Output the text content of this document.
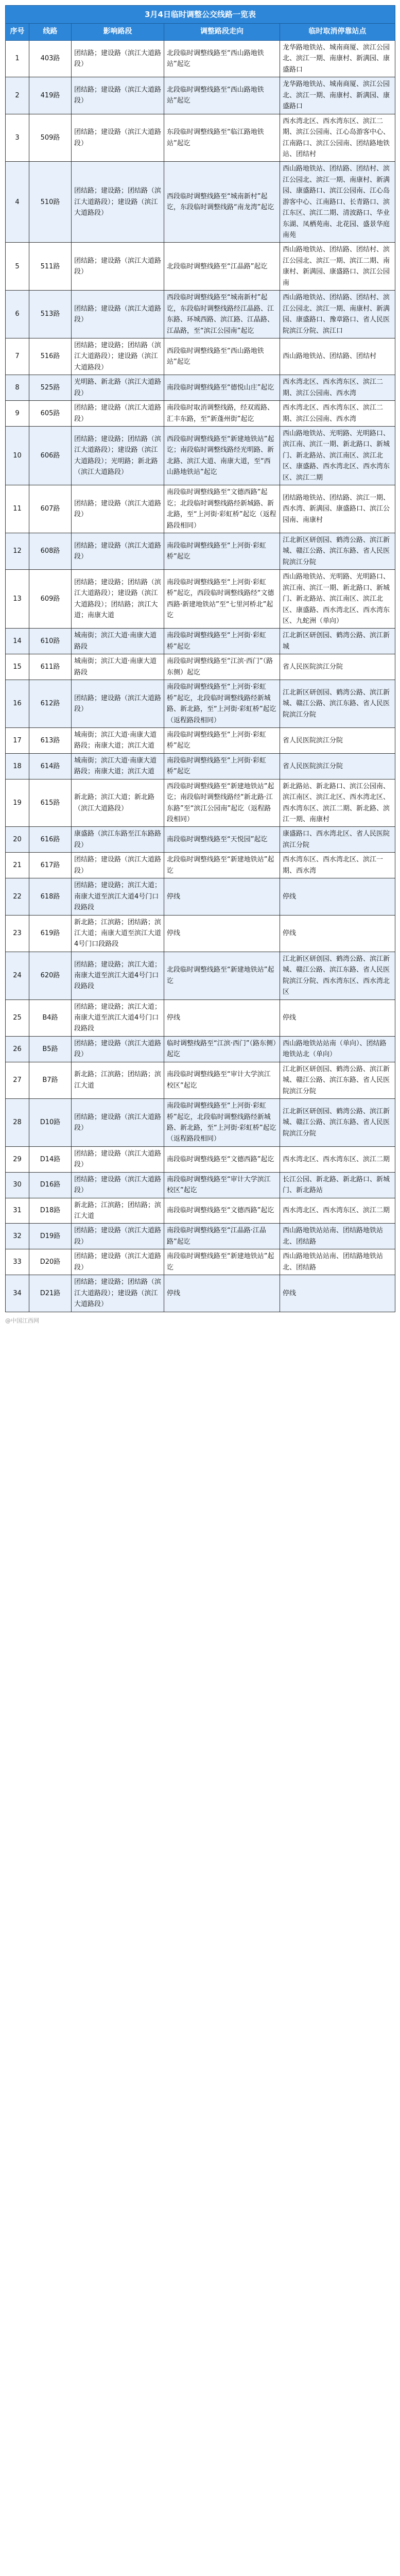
3月4日临时调整公交线路一览表				
序号	线路	影响路段	调整路段走向	临时取消停靠站点
1	403路	团结路；建设路（滨江大道路段）	北段临时调整线路至“西山路地铁站”起讫	龙华路地铁站、城南商厦、滨江公园北、滨江一期、南康村、新满园、康盛路口
2	419路	团结路；建设路（滨江大道路段）	北段临时调整线路至“西山路地铁站”起讫	龙华路地铁站、城南商厦、滨江公园北、滨江一期、南康村、新满园、康盛路口
3	509路	团结路；建设路（滨江大道路段）	东段临时调整线路至“临江路地铁站”起讫	西水湾北区、西水湾东区、滨江二期、滨江公园南、江心岛游客中心、江南路口、滨江公园南、团结路地铁站、团结村
4	510路	团结路；建设路；团结路（滨江大道路段）；建设路（滨江大道路段）	西段临时调整线路至“城南新村”起讫，东段临时调整线路“南龙湾”起讫	西山路地铁站、团结路、团结村、滨江公园北、滨江一期、南康村、新满园、康盛路口、滨江公园南、江心岛游客中心、江南路口、长青路口、滨江东区、滨江二期、清波路口、华业东湖、凤栖苑南、北花园、盛景华庭南苑
5	511路	团结路；建设路（滨江大道路段）	北段临时调整线路至“江晶路”起讫	西山路地铁站、团结路、团结村、滨江公园北、滨江一期、滨江二期、南康村、新满园、康盛路口、滨江公园南
6	513路	团结路；建设路（滨江大道路段）	西段临时调整线路至“城南新村”起讫，东段临时调整线路经江晶路、江东路、环城西路、滨江路、江晶路、江晶路，至“滨江公园南”起讫	西山路地铁站、团结路、团结村、滨江公园北、滨江一期、南康村、新满园、康盛路口、豫章路口、省人民医院滨江分院、滨江口
7	516路	团结路；建设路；团结路（滨江大道路段）；建设路（滨江大道路段）	西段临时调整线路至“西山路地铁站”起讫	西山路地铁站、团结路、团结村
8	525路	光明路、新北路（滨江大道路段）	南段临时调整线路至“德悦山庄”起讫	西水湾北区、西水湾东区、滨江二期、滨江公园南、西水湾
9	605路	团结路；建设路（滨江大道路段）	南段临时取消调整线路，经双霞路、汇丰东路，至“新蓬州街”起讫	西水湾北区、西水湾东区、滨江二期、滨江公园南、西水湾
10	606路	团结路；建设路；团结路（滨江大道路段）；建设路（滨江大道路段）；光明路；新北路（滨江大道路段）	西段临时调整线路至“新建地铁站”起讫；南段临时调整线路经光明路、新北路、滨江大道、南康大道，至“西山路地铁站”起讫	西山路地铁站、光明路、光明路口、滨江南、滨江一期、新北路口、新城门、新北路站、滨江南区、滨江北区、康盛路、西水湾北区、西水湾东区、滨江二期
11	607路	团结路；建设路（滨江大道路段）	南段临时调整线路至“文德西路”起讫；北段临时调整线路经新城路、新北路，至“上河街·彩虹桥”起讫（返程路段相同）	团结路地铁站、团结路、滨江一期、西水湾、新满园、康盛路口、滨江公园南、南康村
12	608路	团结路；建设路（滨江大道路段）	南段临时调整线路至“上河街·彩虹桥”起讫	江北新区研创园、鹤湾公路、滨江新城、赣江公路、滨江东路、省人民医院滨江分院
13	609路	团结路；建设路；团结路（滨江大道路段）；建设路（滨江大道路段）；团结路；滨江大道；南康大道	南段临时调整线路至“上河街·彩虹桥”起讫，西段临时调整线路经“文德西路·新建地铁站”至“七里河桥北”起讫	西山路地铁站、光明路、光明路口、滨江南、滨江一期、新北路口、新城门、新北路站、滨江南区、滨江北区、康盛路、西水湾北区、西水湾东区、九蛇洲（单向）
14	610路	城南街；滨江大道·南康大道路段	南段临时调整线路至“上河街·彩虹桥”起讫	江北新区研创园、鹤湾公路、滨江新城
15	611路	城南街；滨江大道·南康大道路段	南段临时调整线路至“江滨·西门”（路东侧）起讫	省人民医院滨江分院
16	612路	团结路；建设路（滨江大道路段）	南段临时调整线路至“上河街·彩虹桥”起讫，北段临时调整线路经新城路、新北路，至“上河街·彩虹桥”起讫（返程路段相同）	江北新区研创园、鹤湾公路、滨江新城、赣江公路、滨江东路、省人民医院滨江分院
17	613路	城南街；滨江大道·南康大道路段；南康大道；滨江大道	南段临时调整线路至“上河街·彩虹桥”起讫	省人民医院滨江分院
18	614路	城南街；滨江大道·南康大道路段；南康大道；滨江大道	南段临时调整线路至“上河街·彩虹桥”起讫	省人民医院滨江分院
19	615路	新北路；滨江大道；新北路（滨江大道路段）	西段临时调整线路至“新建地铁站”起讫；南段临时调整线路经“新北路·江东路”至“滨江公园南”起讫（返程路段相同）	新北路站、新北路口、滨江公园南、滨江南区、滨江北区、西水湾北区、西水湾东区、滨江二期、新北路、滨江一期、南康村
20	616路	康盛路（滨江东路至江东路路段）	南段临时调整线路至“天悦园”起讫	康盛路口、西水湾北区、省人民医院滨江分院
21	617路	团结路；建设路（滨江大道路段）	北段临时调整线路至“新建地铁站”起讫	西水湾东区、西水湾北区、滨江一期、西水湾
22	618路	团结路；建设路；滨江大道；南康大道至滨江大道4号门口段路段	停线	停线
23	619路	新北路；江滨路；团结路；滨江大道；南康大道至滨江大道4号门口段路段	停线	停线
24	620路	团结路；建设路；滨江大道；南康大道至滨江大道4号门口段路段	北段临时调整线路至“新建地铁站”起讫	江北新区研创园、鹤湾公路、滨江新城、赣江公路、滨江东路、省人民医院滨江分院、西水湾东区、西水湾北区
25	B4路	团结路；建设路；滨江大道；南康大道至滨江大道4号门口段路段	停线	停线
26	B5路	团结路；建设路（滨江大道路段）	临时调整线路至“江滨·西门”（路东侧）起讫	西山路地铁站站南（单向）、团结路地铁站北（单向）
27	B7路	新北路；江滨路；团结路；滨江大道	南段临时调整线路至“审计大学滨江校区”起讫	江北新区研创园、鹤湾公路、滨江新城、赣江公路、滨江东路、省人民医院滨江分院
28	D10路	团结路；建设路（滨江大道路段）	南段临时调整线路至“上河街·彩虹桥”起讫，北段临时调整线路经新城路、新北路，至“上河街·彩虹桥”起讫（返程路段相同）	江北新区研创园、鹤湾公路、滨江新城、赣江公路、滨江东路、省人民医院滨江分院
29	D14路	团结路；建设路（滨江大道路段）	南段临时调整线路至“文德西路”起讫	西水湾北区、西水湾东区、滨江二期
30	D16路	团结路；建设路（滨江大道路段）	南段临时调整线路至“审计大学滨江校区”起讫	长江公园、新北路、新北路口、新城门、新北路站
31	D18路	新北路；江滨路；团结路；滨江大道	南段临时调整线路至“文德西路”起讫	西水湾北区、西水湾东区、滨江二期
32	D19路	团结路；建设路（滨江大道路段）	南段临时调整线路至“江晶路·江晶路”起讫	西山路地铁站站南、团结路地铁站北、团结路
33	D20路	团结路；建设路（滨江大道路段）	南段临时调整线路至“新建地铁站”起讫	西山路地铁站站南、团结路地铁站北、团结路
34	D21路	团结路；建设路；团结路（滨江大道路段）；建设路（滨江大道路段）	停线	停线
@中国江西网
